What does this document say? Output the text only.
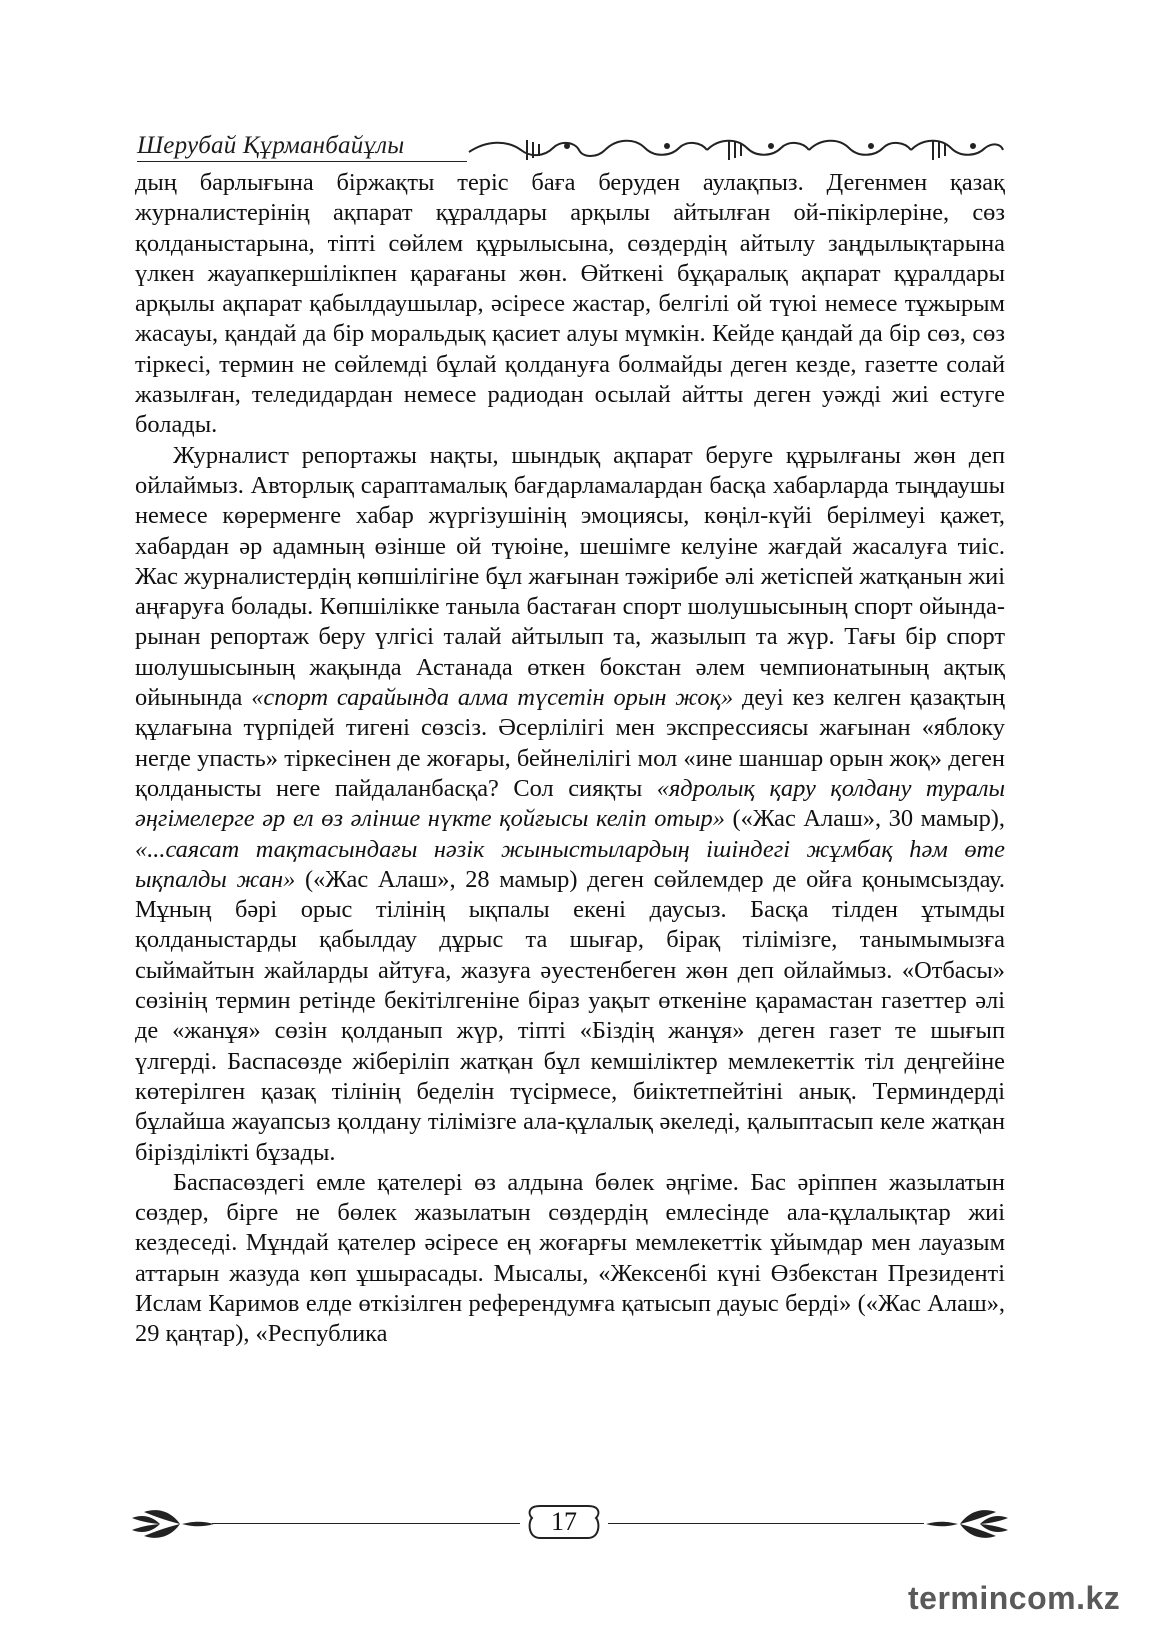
Шерубай Құрманбайұлы

дың барлығына біржақты теріс баға беруден аулақпыз. Дегенмен қазақ журналистерінің ақпарат құралдары арқылы айтылған ой-пікірлеріне, сөз қолданыстарына, тіпті сөйлем құрылысына, сөздердің айтылу заңдылықтарына үлкен жауапкершілікпен қарағаны жөн. Өйткені бұқаралық ақпарат құралдары арқылы ақпарат қабылдаушылар, әсіресе жастар, белгілі ой түюі немесе тұжырым жасауы, қандай да бір моральдық қасиет алуы мүмкін. Кейде қандай да бір сөз, сөз тіркесі, термин не сөйлемді бұлай қолдануға болмайды деген кезде, газетте солай жазылған, теледидардан немесе радиодан осылай айтты деген уәжді жиі естуге болады.

Журналист репортажы нақты, шындық ақпарат беруге құрылғаны жөн деп ойлаймыз. Авторлық сараптамалық бағдарламалардан басқа хабарларда тыңдаушы немесе көрерменге хабар жүргізушінің эмоциясы, көңіл-күйі берілмеуі қажет, хабардан әр адамның өзінше ой түюіне, шешімге келуіне жағдай жасалуға тиіс. Жас журналистердің көпшілігіне бұл жағынан тәжірибе әлі жетіспей жатқанын жиі аңғаруға болады. Көпшілікке таныла бастаған спорт шолушысының спорт ойындарынан репортаж беру үлгісі талай айтылып та, жазылып та жүр. Тағы бір спорт шолушысының жақында Астанада өткен бокстан әлем чемпионатының ақтық ойынында «спорт сарайында алма түсетін орын жоқ» деуі кез келген қазақтың құлағына түрпідей тигені сөзсіз. Әсерлілігі мен экспрессиясы жағынан «яблоку негде упасть» тіркесінен де жоғары, бейнелілігі мол «ине шаншар орын жоқ» деген қолданысты неге пайдаланбасқа? Сол сияқты «ядролық қару қолдану туралы әңгімелерге әр ел өз әлінше нүкте қойғысы келіп отыр» («Жас Алаш», 30 мамыр), «...саясат тақтасындағы нәзік жыныстылардың ішіндегі жұмбақ һәм өте ықпалды жан» («Жас Алаш», 28 мамыр) деген сөйлемдер де ойға қонымсыздау. Мұның бәрі орыс тілінің ықпалы екені даусыз. Басқа тілден ұтымды қолданыстарды қабылдау дұрыс та шығар, бірақ тілімізге, танымымызға сыймайтын жайларды айтуға, жазуға әуестенбеген жөн деп ойлаймыз. «Отбасы» сөзінің термин ретінде бекітілгеніне біраз уақыт өткеніне қарамастан газеттер әлі де «жанұя» сөзін қолданып жүр, тіпті «Біздің жанұя» деген газет те шығып үлгерді. Баспасөзде жіберіліп жатқан бұл кемшіліктер мемлекеттік тіл деңгейіне көтерілген қазақ тілінің беделін түсірмесе, биіктетпейтіні анық. Терминдерді бұлайша жауапсыз қолдану тілімізге ала-құлалық әкеледі, қалыптасып келе жатқан біріздiлікті бұзады.

Баспасөздегі емле қателері өз алдына бөлек әңгіме. Бас әріппен жазылатын сөздер, бірге не бөлек жазылатын сөздердің емлесінде ала-құлалықтар жиі кездеседі. Мұндай қателер әсіресе ең жоғарғы мемлекеттік ұйымдар мен лауазым аттарын жазуда көп ұшырасады. Мысалы, «Жексенбі күні Өзбекстан Президенті Ислам Каримов елде өткізілген референдумға қатысып дауыс берді» («Жас Алаш», 29 қаңтар), «Республика

17
termincom.kz
